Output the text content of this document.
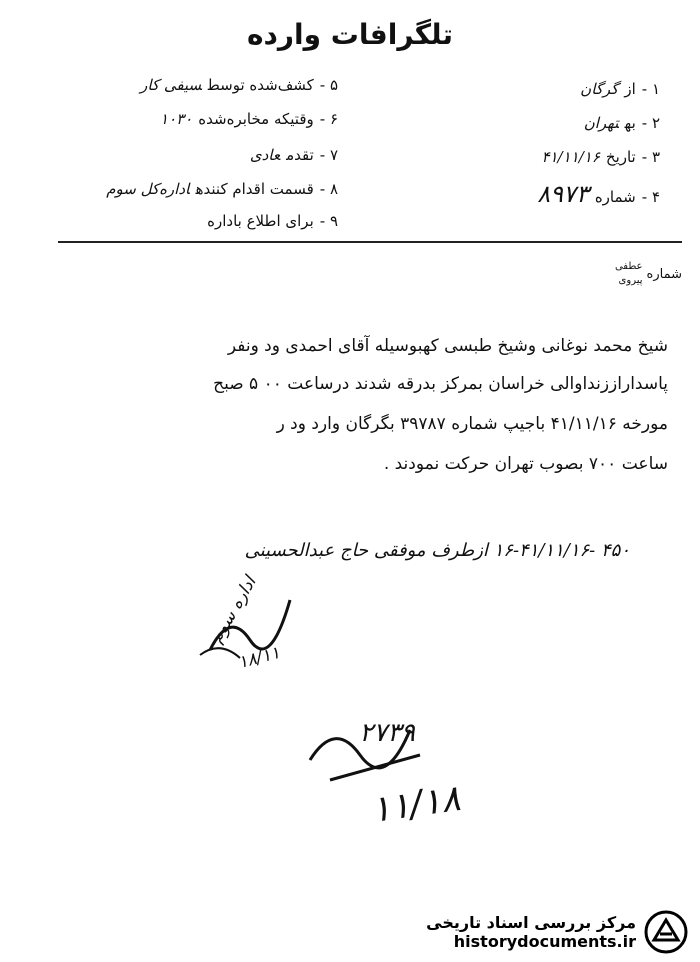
تلگرافات وارده
۱ -ازگرگان
۲ -بهتهران
۳ -تاریخ۴۱/۱۱/۱۶
۴ -شماره۸۹۷۳
۵ -کشف‌شده توسطسیفی کار
۶ -وقتیکه مخابره‌شده۱۰۳۰
۷ -تقدمعادی
۸ -قسمت اقدام کنندهاداره‌کل سوم
۹ -برای اطلاع باداره
شماره
عطفی
پیروی
شیخ محمد نوغانی وشیخ طبسی کهبوسیله آقای احمدی ود ونفر
پاسداراززنداوالی خراسان بمرکز بدرقه شدند درساعت ۰۰ ۵ صبح
مورخه ۴۱/۱۱/۱۶ باجیپ شماره ۳۹۷۸۷ بگرگان وارد ود ر
ساعت ۷۰۰ بصوب تهران حرکت نمودند .
۴۵۰ -۱۶-۴۱/۱۱/۱۶ ازطرف موفقی حاج عبدالحسینی
اداره سوم
۱۸/۱۱
۲۷۳۹
۱۱/۱۸
مرکز بررسی اسناد تاریخی
historydocuments.ir
